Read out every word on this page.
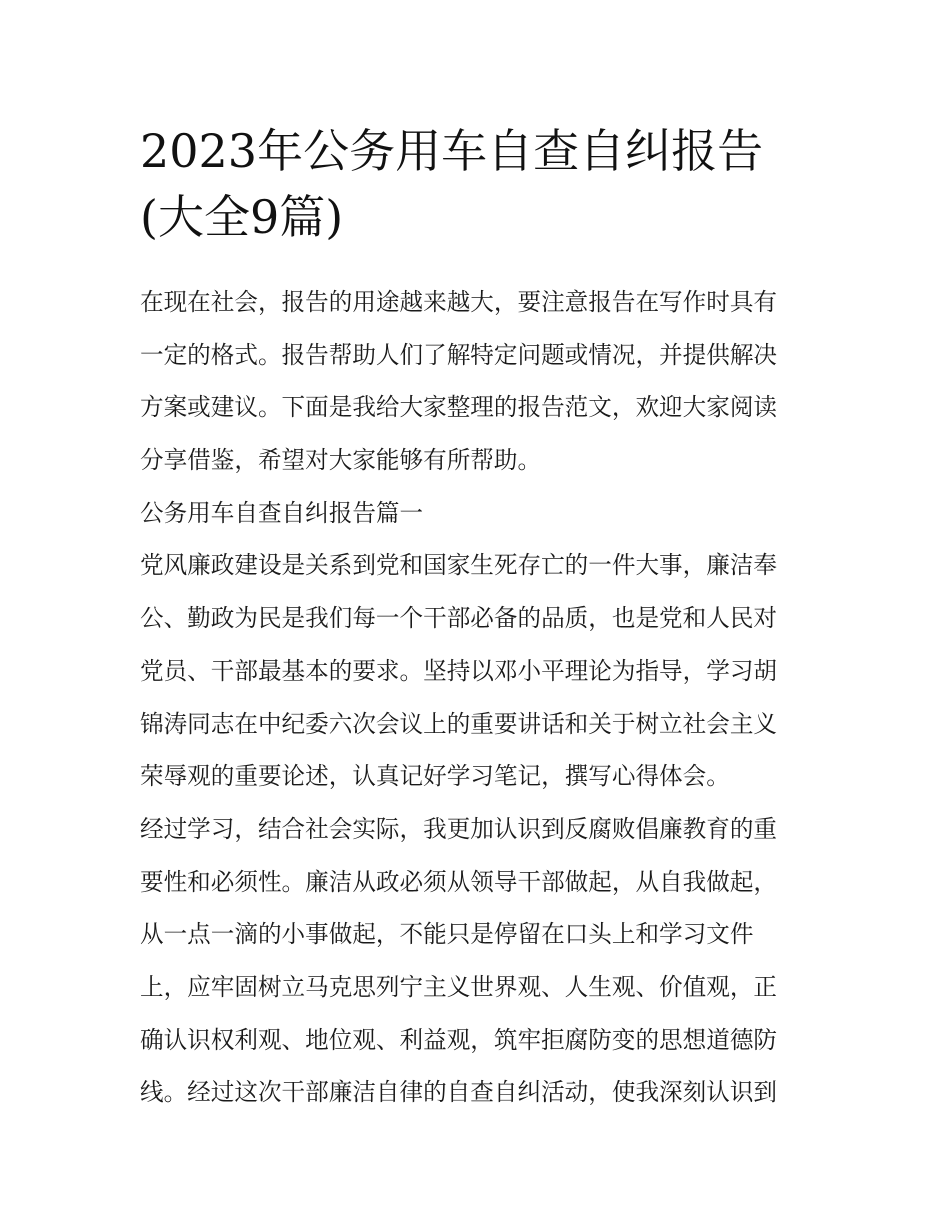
2023年公务用车自查自纠报告
(大全9篇)
在现在社会，报告的用途越来越大，要注意报告在写作时具有
一定的格式。报告帮助人们了解特定问题或情况，并提供解决
方案或建议。下面是我给大家整理的报告范文，欢迎大家阅读
分享借鉴，希望对大家能够有所帮助。
公务用车自查自纠报告篇一
党风廉政建设是关系到党和国家生死存亡的一件大事，廉洁奉
公、勤政为民是我们每一个干部必备的品质，也是党和人民对
党员、干部最基本的要求。坚持以邓小平理论为指导，学习胡
锦涛同志在中纪委六次会议上的重要讲话和关于树立社会主义
荣辱观的重要论述，认真记好学习笔记，撰写心得体会。
经过学习，结合社会实际，我更加认识到反腐败倡廉教育的重
要性和必须性。廉洁从政必须从领导干部做起，从自我做起，
从一点一滴的小事做起，不能只是停留在口头上和学习文件
上，应牢固树立马克思列宁主义世界观、人生观、价值观，正
确认识权利观、地位观、利益观，筑牢拒腐防变的思想道德防
线。经过这次干部廉洁自律的自查自纠活动，使我深刻认识到
